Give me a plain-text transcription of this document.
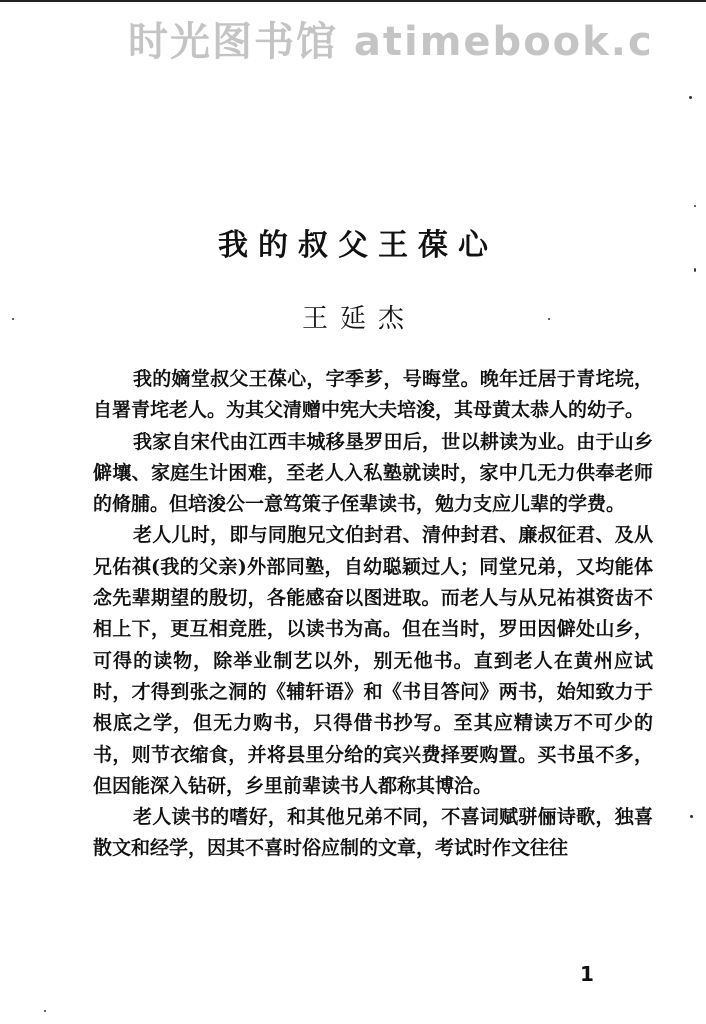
时光图书馆 atimebook.c
我的叔父王葆心
王延杰

我的嫡堂叔父王葆心，字季芗，号晦堂。晚年迁居于青垞垸，自署青垞老人。为其父清赠中宪大夫培浚，其母黄太恭人的幼子。

我家自宋代由江西丰城移垦罗田后，世以耕读为业。由于山乡僻壤、家庭生计困难，至老人入私塾就读时，家中几无力供奉老师的脩脯。但培浚公一意笃策子侄辈读书，勉力支应儿辈的学费。

老人儿时，即与同胞兄文伯封君、清仲封君、廉叔征君、及从兄佑祺(我的父亲)外部同塾，自幼聪颖过人；同堂兄弟，又均能体念先辈期望的殷切，各能感奋以图进取。而老人与从兄祐祺资齿不相上下，更互相竞胜，以读书为高。但在当时，罗田因僻处山乡，可得的读物，除举业制艺以外，别无他书。直到老人在黄州应试时，才得到张之洞的《辅轩语》和《书目答问》两书，始知致力于根底之学，但无力购书，只得借书抄写。至其应精读万不可少的书，则节衣缩食，并将县里分给的宾兴费择要购置。买书虽不多，但因能深入钻研，乡里前辈读书人都称其博洽。

老人读书的嗜好，和其他兄弟不同，不喜词赋骈俪诗歌，独喜散文和经学，因其不喜时俗应制的文章，考试时作文往往

1
